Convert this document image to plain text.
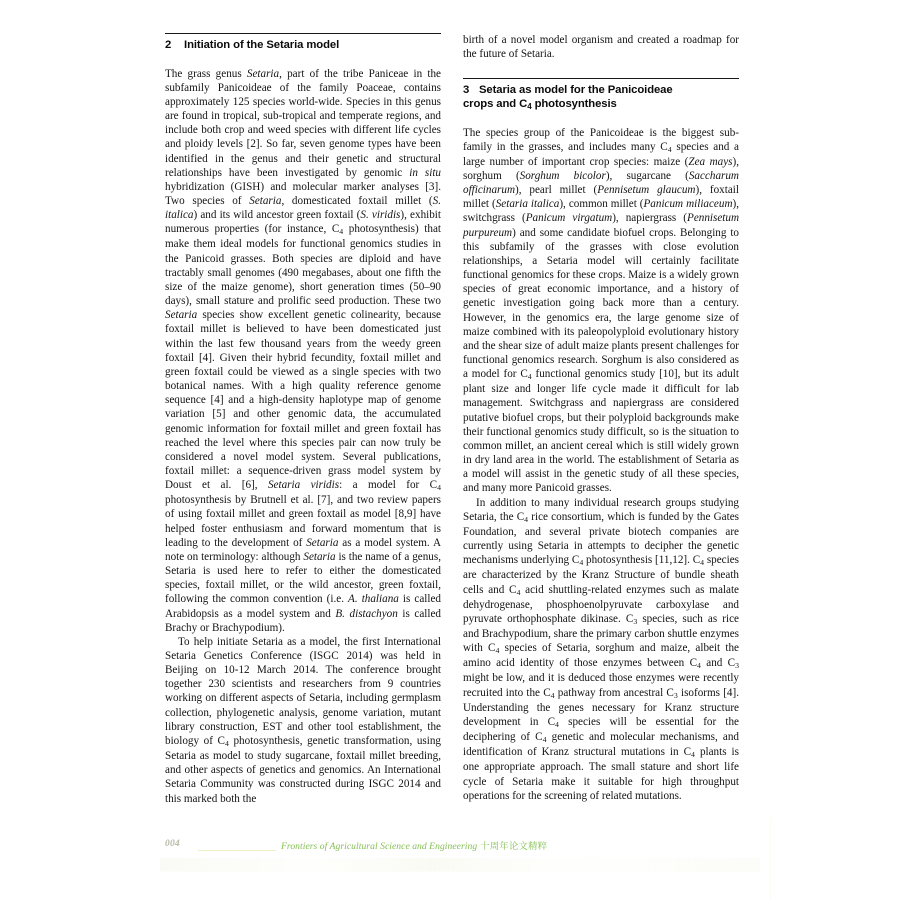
2 Initiation of the Setaria model

The grass genus Setaria, part of the tribe Paniceae in the subfamily Panicoideae of the family Poaceae, contains approximately 125 species world-wide. Species in this genus are found in tropical, sub-tropical and temperate regions, and include both crop and weed species with different life cycles and ploidy levels [2]. So far, seven genome types have been identified in the genus and their genetic and structural relationships have been investigated by genomic in situ hybridization (GISH) and molecular marker analyses [3]. Two species of Setaria, domesticated foxtail millet (S. italica) and its wild ancestor green foxtail (S. viridis), exhibit numerous properties (for instance, $C_4$ photosynthesis) that make them ideal models for functional genomics studies in the Panicoid grasses. Both species are diploid and have tractably small genomes (490 megabases, about one fifth the size of the maize genome), short generation times (50–90 days), small stature and prolific seed production. These two Setaria species show excellent genetic colinearity, because foxtail millet is believed to have been domesticated just within the last few thousand years from the weedy green foxtail [4]. Given their hybrid fecundity, foxtail millet and green foxtail could be viewed as a single species with two botanical names. With a high quality reference genome sequence [4] and a high-density haplotype map of genome variation [5] and other genomic data, the accumulated genomic information for foxtail millet and green foxtail has reached the level where this species pair can now truly be considered a novel model system. Several publications, foxtail millet: a sequence-driven grass model system by Doust et al. [6], Setaria viridis: a model for $C_4$ photosynthesis by Brutnell et al. [7], and two review papers of using foxtail millet and green foxtail as model [8,9] have helped foster enthusiasm and forward momentum that is leading to the development of Setaria as a model system. A note on terminology: although Setaria is the name of a genus, Setaria is used here to refer to either the domesticated species, foxtail millet, or the wild ancestor, green foxtail, following the common convention (i.e. A. thaliana is called Arabidopsis as a model system and B. distachyon is called Brachy or Brachypodium).

To help initiate Setaria as a model, the first International Setaria Genetics Conference (ISGC 2014) was held in Beijing on 10-12 March 2014. The conference brought together 230 scientists and researchers from 9 countries working on different aspects of Setaria, including germplasm collection, phylogenetic analysis, genome variation, mutant library construction, EST and other tool establishment, the biology of $C_4$ photosynthesis, genetic transformation, using Setaria as model to study sugarcane, foxtail millet breeding, and other aspects of genetics and genomics. An International Setaria Community was constructed during ISGC 2014 and this marked both the

birth of a novel model organism and created a roadmap for the future of Setaria.

3 Setaria as model for the Panicoideae
crops and $C_4$ photosynthesis

The species group of the Panicoideae is the biggest sub-family in the grasses, and includes many $C_4$ species and a large number of important crop species: maize (Zea mays), sorghum (Sorghum bicolor), sugarcane (Saccharum officinarum), pearl millet (Pennisetum glaucum), foxtail millet (Setaria italica), common millet (Panicum miliaceum), switchgrass (Panicum virgatum), napiergrass (Pennisetum purpureum) and some candidate biofuel crops. Belonging to this subfamily of the grasses with close evolution relationships, a Setaria model will certainly facilitate functional genomics for these crops. Maize is a widely grown species of great economic importance, and a history of genetic investigation going back more than a century. However, in the genomics era, the large genome size of maize combined with its paleopolyploid evolutionary history and the shear size of adult maize plants present challenges for functional genomics research. Sorghum is also considered as a model for $C_4$ functional genomics study [10], but its adult plant size and longer life cycle made it difficult for lab management. Switchgrass and napiergrass are considered putative biofuel crops, but their polyploid backgrounds make their functional genomics study difficult, so is the situation to common millet, an ancient cereal which is still widely grown in dry land area in the world. The establishment of Setaria as a model will assist in the genetic study of all these species, and many more Panicoid grasses.

In addition to many individual research groups studying Setaria, the $C_4$ rice consortium, which is funded by the Gates Foundation, and several private biotech companies are currently using Setaria in attempts to decipher the genetic mechanisms underlying $C_4$ photosynthesis [11,12]. $C_4$ species are characterized by the Kranz Structure of bundle sheath cells and $C_4$ acid shuttling-related enzymes such as malate dehydrogenase, phosphoenolpyruvate carboxylase and pyruvate orthophosphate dikinase. $C_3$ species, such as rice and Brachypodium, share the primary carbon shuttle enzymes with $C_4$ species of Setaria, sorghum and maize, albeit the amino acid identity of those enzymes between $C_4$ and $C_3$ might be low, and it is deduced those enzymes were recently recruited into the $C_4$ pathway from ancestral $C_3$ isoforms [4]. Understanding the genes necessary for Kranz structure development in $C_4$ species will be essential for the deciphering of $C_4$ genetic and molecular mechanisms, and identification of Kranz structural mutations in $C_4$ plants is one appropriate approach. The small stature and short life cycle of Setaria make it suitable for high throughput operations for the screening of related mutations.

004	Frontiers of Agricultural Science and Engineering 十周年论文精粹
